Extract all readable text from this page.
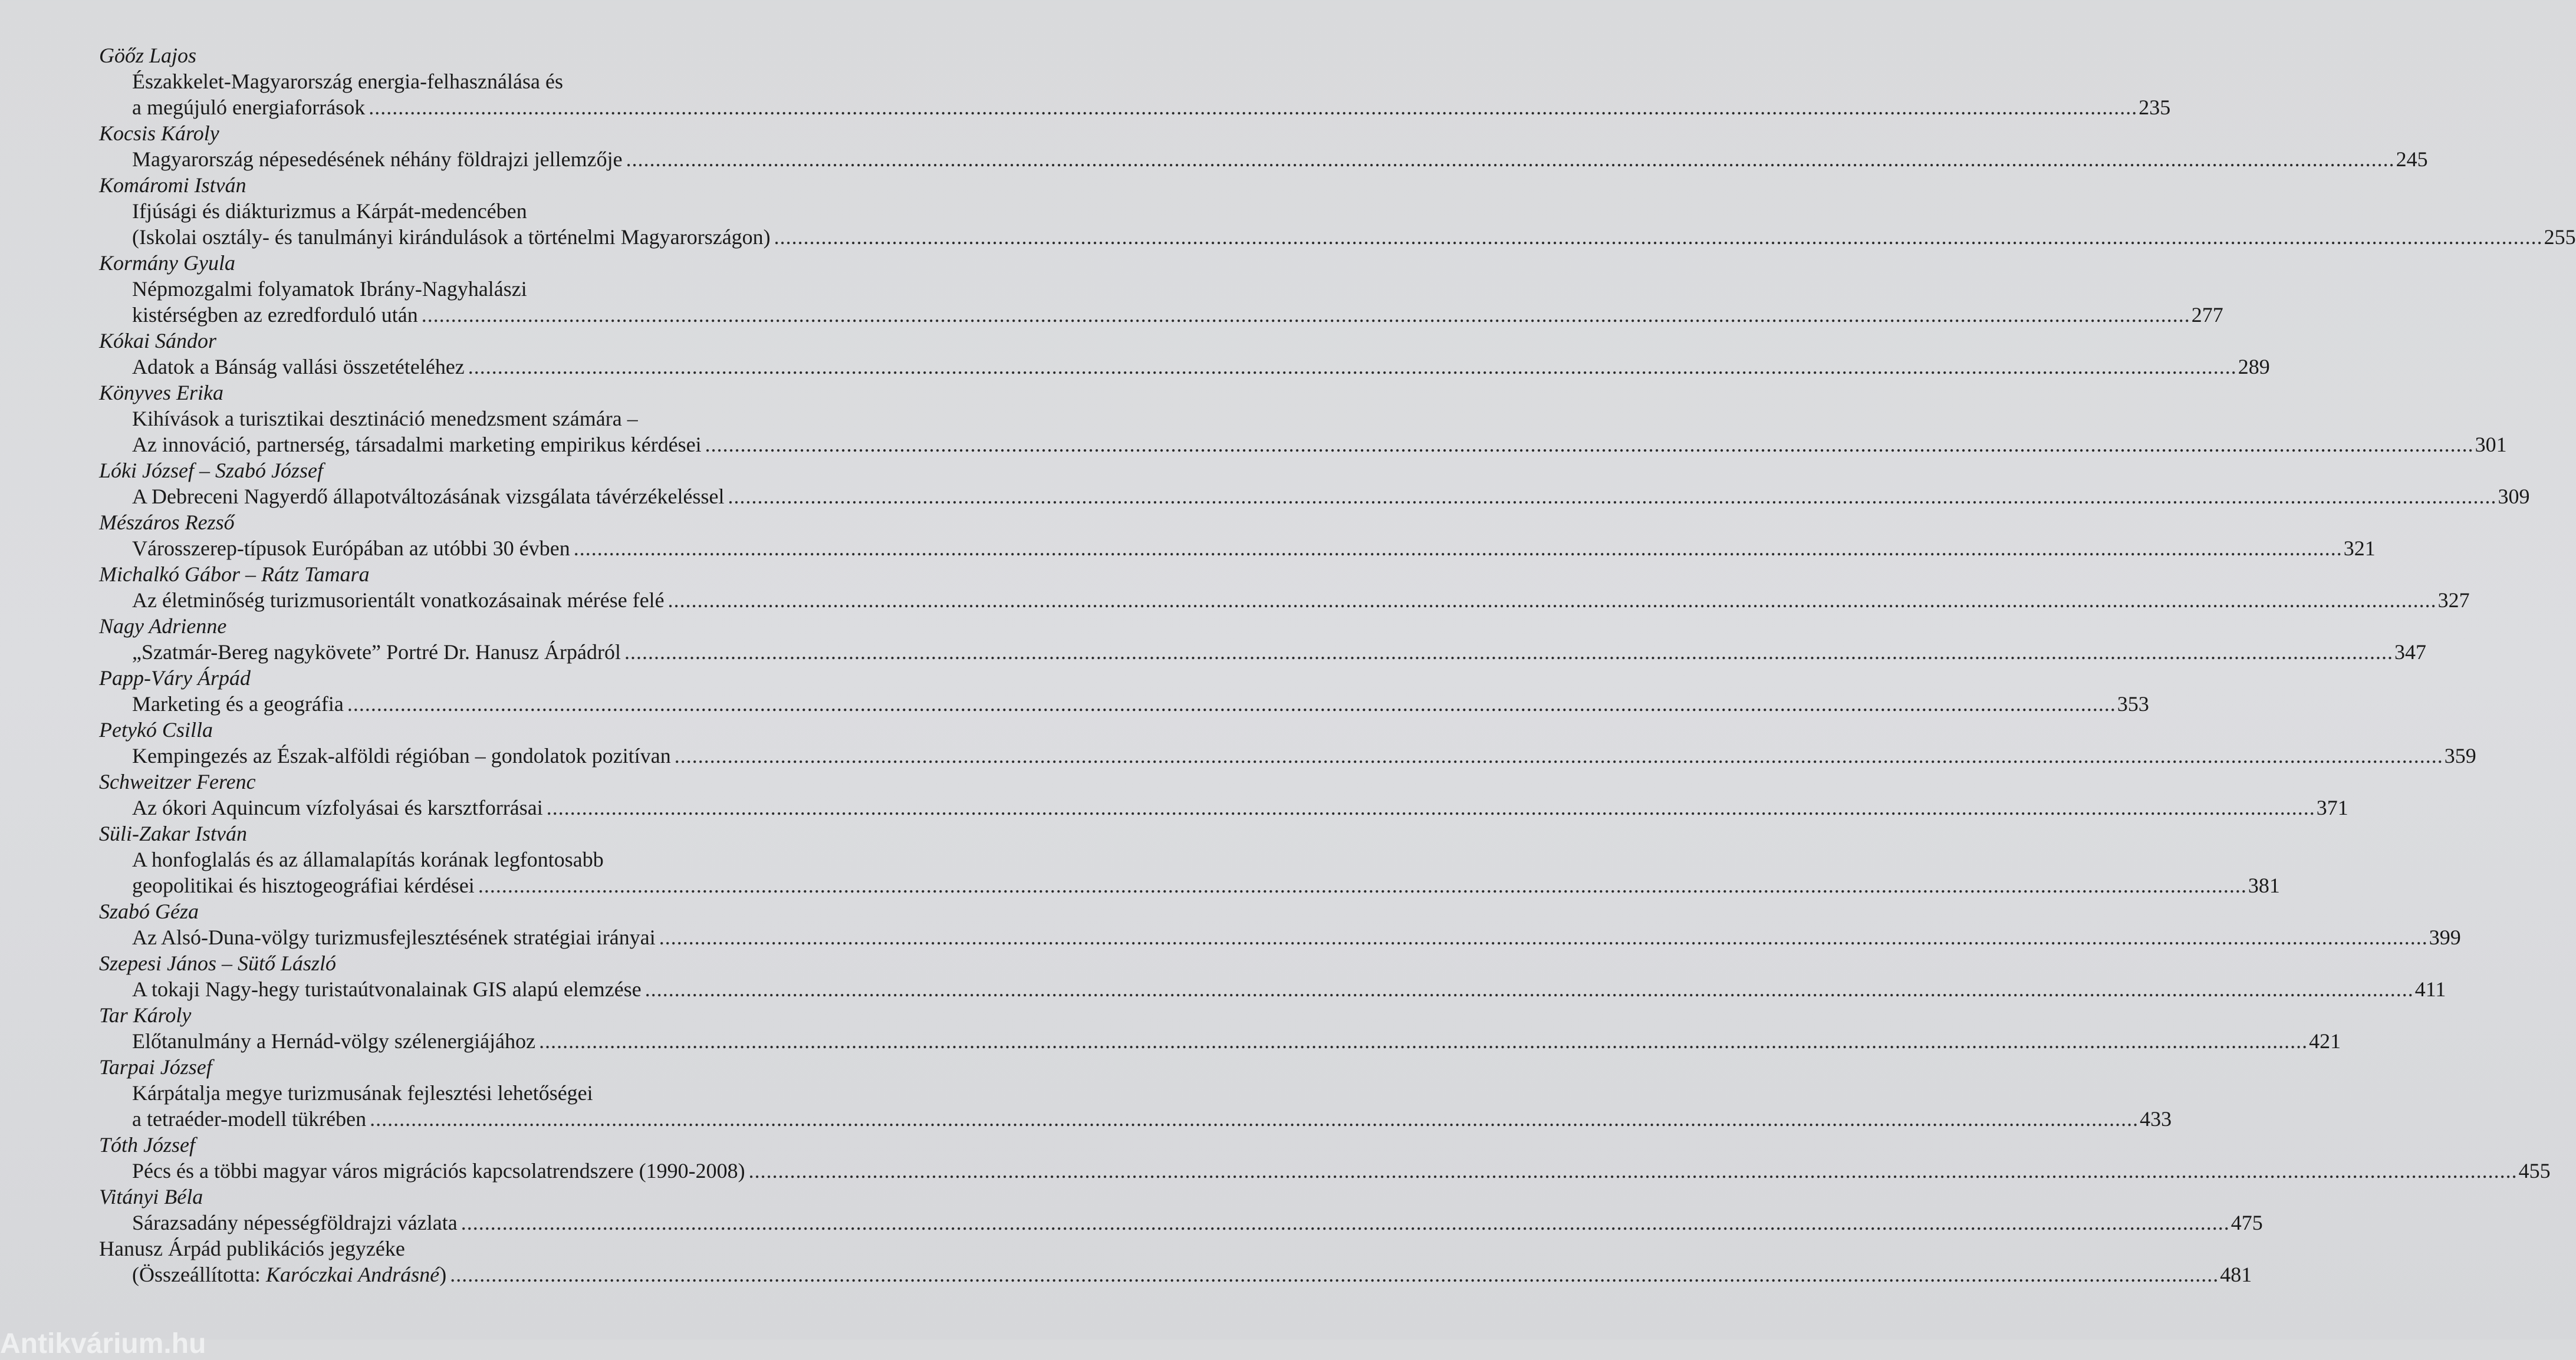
Göőz Lajos
Északkelet-Magyarország energia-felhasználása és
a megújuló energiaforrások ............................................................................................................................................................................................................................................................................................................ 235
Kocsis Károly
Magyarország népesedésének néhány földrajzi jellemzője ............................................................................................................................................................................................................................................................................................................ 245
Komáromi István
Ifjúsági és diákturizmus a Kárpát-medencében
(Iskolai osztály- és tanulmányi kirándulások a történelmi Magyarországon) ............................................................................................................................................................................................................................................................................................................ 255
Kormány Gyula
Népmozgalmi folyamatok Ibrány-Nagyhalászi
kistérségben az ezredforduló után ............................................................................................................................................................................................................................................................................................................ 277
Kókai Sándor
Adatok a Bánság vallási összetételéhez ............................................................................................................................................................................................................................................................................................................ 289
Könyves Erika
Kihívások a turisztikai desztináció menedzsment számára –
Az innováció, partnerség, társadalmi marketing empirikus kérdései ............................................................................................................................................................................................................................................................................................................ 301
Lóki József – Szabó József
A Debreceni Nagyerdő állapotváltozásának vizsgálata távérzékeléssel ............................................................................................................................................................................................................................................................................................................ 309
Mészáros Rezső
Városszerep-típusok Európában az utóbbi 30 évben ............................................................................................................................................................................................................................................................................................................ 321
Michalkó Gábor – Rátz Tamara
Az életminőség turizmusorientált vonatkozásainak mérése felé ............................................................................................................................................................................................................................................................................................................ 327
Nagy Adrienne
„Szatmár-Bereg nagykövete” Portré Dr. Hanusz Árpádról ............................................................................................................................................................................................................................................................................................................ 347
Papp-Váry Árpád
Marketing és a geográfia ............................................................................................................................................................................................................................................................................................................ 353
Petykó Csilla
Kempingezés az Észak-alföldi régióban – gondolatok pozitívan ............................................................................................................................................................................................................................................................................................................ 359
Schweitzer Ferenc
Az ókori Aquincum vízfolyásai és karsztforrásai ............................................................................................................................................................................................................................................................................................................ 371
Süli-Zakar István
A honfoglalás és az államalapítás korának legfontosabb
geopolitikai és hisztogeográfiai kérdései ............................................................................................................................................................................................................................................................................................................ 381
Szabó Géza
Az Alsó-Duna-völgy turizmusfejlesztésének stratégiai irányai ............................................................................................................................................................................................................................................................................................................ 399
Szepesi János – Sütő László
A tokaji Nagy-hegy turistaútvonalainak GIS alapú elemzése ............................................................................................................................................................................................................................................................................................................ 411
Tar Károly
Előtanulmány a Hernád-völgy szélenergiájához ............................................................................................................................................................................................................................................................................................................ 421
Tarpai József
Kárpátalja megye turizmusának fejlesztési lehetőségei
a tetraéder-modell tükrében ............................................................................................................................................................................................................................................................................................................ 433
Tóth József
Pécs és a többi magyar város migrációs kapcsolatrendszere (1990-2008) ............................................................................................................................................................................................................................................................................................................ 455
Vitányi Béla
Sárazsadány népességföldrajzi vázlata ............................................................................................................................................................................................................................................................................................................ 475
Hanusz Árpád publikációs jegyzéke
(Összeállította: Karóczkai Andrásné) ............................................................................................................................................................................................................................................................................................................ 481
Antikvárium.hu
